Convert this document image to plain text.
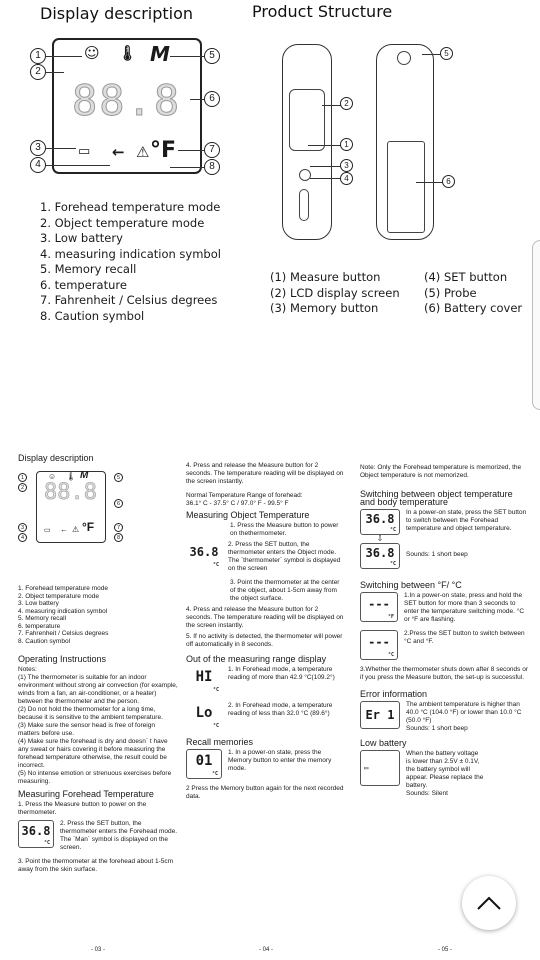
Display description	Product Structure
☺ 🌡 M
88.8
▭ ← ⚠ °F
1
2
3
4
5
6
7
8
1. Forehead temperature mode
2. Object temperature mode
3. Low battery
4. measuring indication symbol
5. Memory recall
6. temperature
7. Fahrenheit / Celsius degrees
8. Caution symbol
2
1
3
4
5
6
(1) Measure button
(2) LCD display screen
(3) Memory button
(4) SET button
(5) Probe
(6) Battery cover
Display description
☺ 🌡 M
88.8
▭ ← ⚠ °F
1
2
3
4
5
6
7
8
1. Forehead temperature mode
2. Object temperature mode
3. Low battery
4. measuring indication symbol
5. Memory recall
6. temperature
7. Fahrenheit / Celsius degrees
8. Caution symbol
Operating Instructions
Notes:
(1) The thermometer is suitable for an indoor environment without strong air convection (for example, winds from a fan, an air-conditioner, or a heater) between the thermometer and the person.
(2) Do not hold the thermometer for a long time, because it is sensitive to the ambient temperature.
(3) Make sure the sensor head is free of foreign matters before use.
(4) Make sure the forehead is dry and doesn` t have any sweat or hairs covering it before measuring the forehead temperature otherwise, the result could be incorrect.
(5) No intense emotion or strenuous exercises before measuring.
Measuring Forehead Temperature
1. Press the Measure button to power on the thermometer.
36.8
°C
2. Press the SET button, the thermometer enters the Forehead mode. The `Man` symbol is displayed on the screen.
3. Point the thermometer at the forehead about 1-5cm away from the skin surface.
- 03 -
4. Press and release the Measure button for 2 seconds. The temperature reading will be displayed on the screen instantly.
Normal Temperature Range of forehead:
36.1° C - 37.5° C / 97.0° F - 99.5° F
Measuring Object Temperature
1. Press the Measure button to power on thethermometer.
36.8
°C
2. Press the SET button, the thermometer enters the Object mode. The `thermometer` symbol is displayed on the screen
3. Point the thermometer at the center of the object, about 1-5cm away from the object surface.
4. Press and release the Measure button for 2 seconds. The temperature reading will be displayed on the screen instantly.
5. If no activity is detected, the thermometer will power off automatically in 8 seconds.
Out of the measuring range display
HI
°C
1. In Forehead mode, a temperature reading of more than 42.9 °C(109.2°)
Lo
°C
2. In Forehead mode, a temperature reading of less than 32.0 °C (89.6°)
Recall memories
01
°C
1. In a power-on state, press the Memory button to enter the memory mode.
2 Press the Memory button again for the next recorded data.
- 04 -
Note: Only the Forehead temperature is memorized, the Object temperature is not memorized.
Switching between object temperature and body temperature
36.8
°C
⇩
36.8
°C
In a power-on state, press the SET button to switch between the Forehead temperature and object temperature.
Sounds: 1 short beep
Switching between °F/ °C
---
°F
1.In a power-on state, press and hold the SET button for more than 3 seconds to enter the temperature switching mode. °C or °F are flashing.
---
°C
2.Press the SET button to switch between °C and °F.
3.Whether the thermometer shuts down after 8 seconds or if you press the Measure button, the set-up is successful.
Error information
Er 1
The ambient temperature is higher than 40.0 °C (104.0 °F) or lower than 10.0 °C (50.0 °F)
Sounds: 1 short beep
Low battery
▭
When the battery voltage is lower than 2.5V ± 0.1V, the battery symbol will appear. Please replace the battery.
Sounds: Silent
- 05 -
